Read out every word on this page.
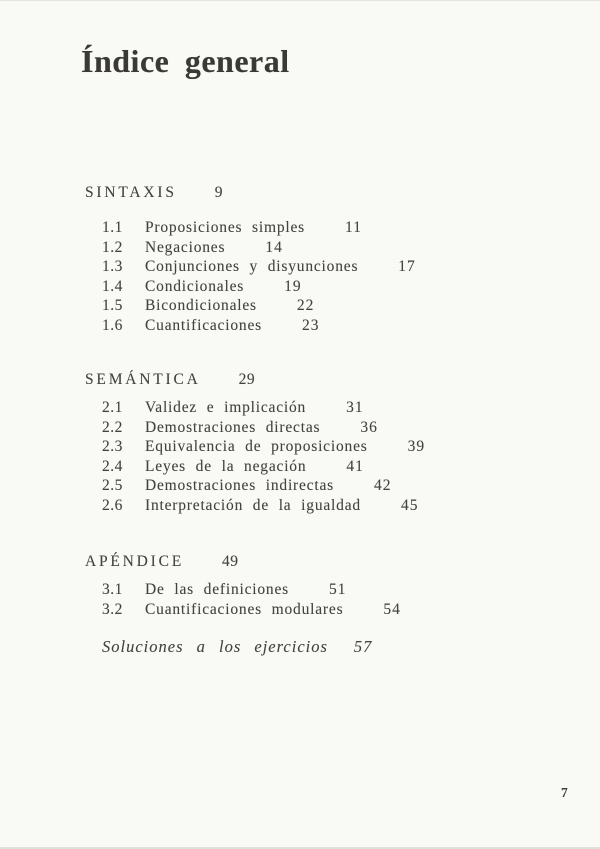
Índice general
SINTAXIS 9
1.1	Proposiciones simples	11
1.2	Negaciones	14
1.3	Conjunciones y disyunciones	17
1.4	Condicionales	19
1.5	Bicondicionales	22
1.6	Cuantificaciones	23
SEMÁNTICA 29
2.1	Validez e implicación	31
2.2	Demostraciones directas	36
2.3	Equivalencia de proposiciones	39
2.4	Leyes de la negación	41
2.5	Demostraciones indirectas	42
2.6	Interpretación de la igualdad	45
APÉNDICE 49
3.1	De las definiciones	51
3.2	Cuantificaciones modulares	54
Soluciones a los ejercicios 57
7
